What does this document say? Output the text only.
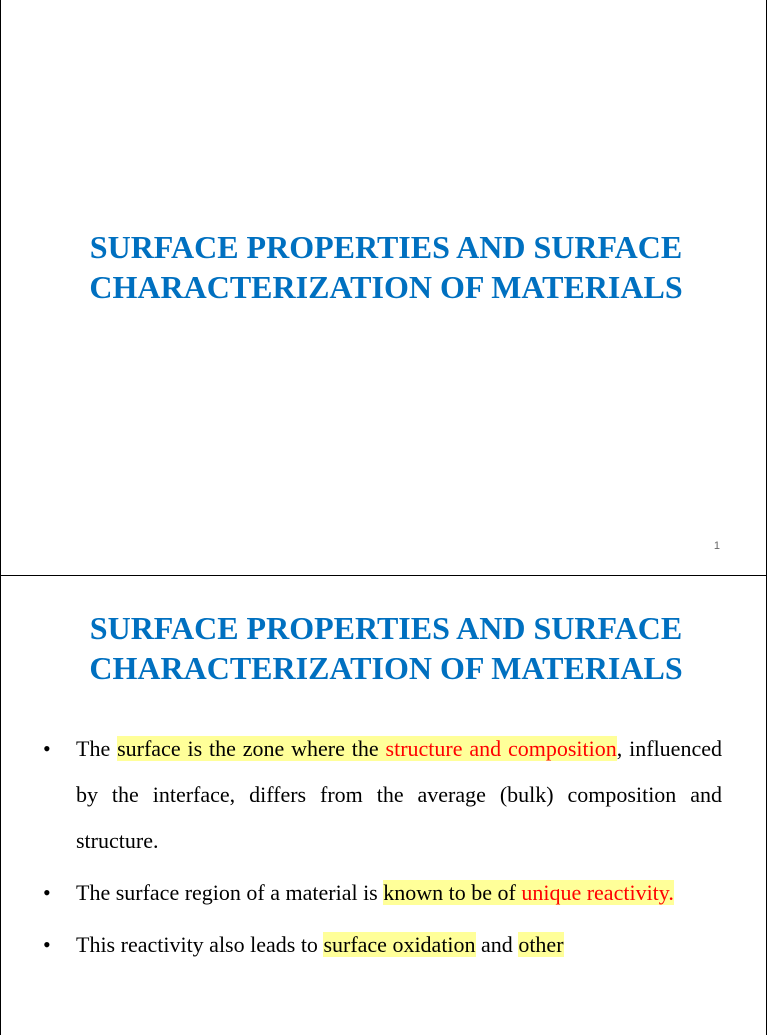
SURFACE PROPERTIES AND SURFACE
CHARACTERIZATION OF MATERIALS
1
SURFACE PROPERTIES AND SURFACE
CHARACTERIZATION OF MATERIALS
• The surface is the zone where the structure and composition, influenced by the interface, differs from the average (bulk) composition and structure.
• The surface region of a material is known to be of unique reactivity.
• This reactivity also leads to surface oxidation and other
